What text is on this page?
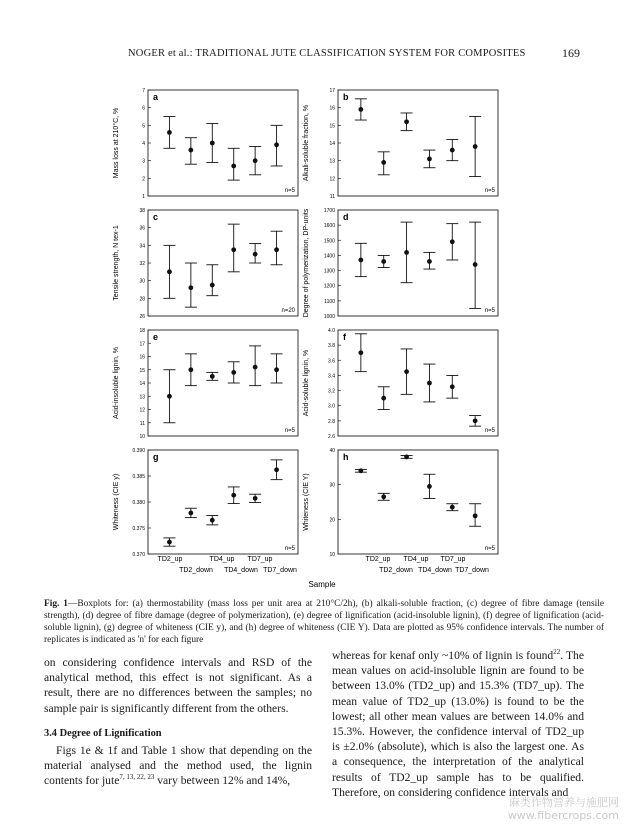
NOGER et al.: TRADITIONAL JUTE CLASSIFICATION SYSTEM FOR COMPOSITES	169
a
1
2
3
4
5
6
7
Mass loss at 210°C, %
n=5
b
11
12
13
14
15
16
17
Alkali-soluble fraction, %
n=5
c
26
28
30
32
34
36
38
Tensile strength, N tex-1
n=20
d
1000
1100
1200
1300
1400
1500
1600
1700
Degree of polymerization, DP-units	n=5
e
10
11
12
13
14
15
16
17
18
Acid-insoluble lignin, %
n=5
f
2.6
2.8
3.0
3.2
3.4
3.6
3.8
4.0
Acid-soluble lignin, %
n=5
g
0.370
0.375
0.380
0.385
0.390
Whiteness (CIE y)
n=5
h
10
20
30
40
Whiteness (CIE Y)
n=5
TD2_up	TD4_up TD7_up
TD2_down TD4_down TD7_down
TD2_up TD4_up TD7_up
TD2_down TD4_down TD7_down
Sample
Fig. 1—Boxplots for: (a) thermostability (mass loss per unit area at 210°C/2h), (b) alkali-soluble fraction, (c) degree of fibre damage (tensile strength), (d) degree of fibre damage (degree of polymerization), (e) degree of lignification (acid-insoluble lignin), (f) degree of lignification (acid-soluble lignin), (g) degree of whiteness (CIE y), and (h) degree of whiteness (CIE Y). Data are plotted as 95% confidence intervals. The number of replicates is indicated as 'n' for each figure

on considering confidence intervals and RSD of the analytical method, this effect is not significant. As a result, there are no differences between the samples; no sample pair is significantly different from the others.

3.4 Degree of Lignification

Figs 1e & 1f and Table 1 show that depending on the material analysed and the method used, the lignin contents for jute$^{7, 13, 22, 23}$ vary between 12% and 14%,

whereas for kenaf only ~10% of lignin is found$^{22}$. The mean values on acid-insoluble lignin are found to be between 13.0% (TD2_up) and 15.3% (TD7_up). The mean value of TD2_up (13.0%) is found to be the lowest; all other mean values are between 14.0% and 15.3%. However, the confidence interval of TD2_up is ±2.0% (absolute), which is also the largest one. As a consequence, the interpretation of the analytical results of TD2_up sample has to be qualified. Therefore, on considering confidence intervals and

麻类作物营养与施肥网
www.fibercrops.com
